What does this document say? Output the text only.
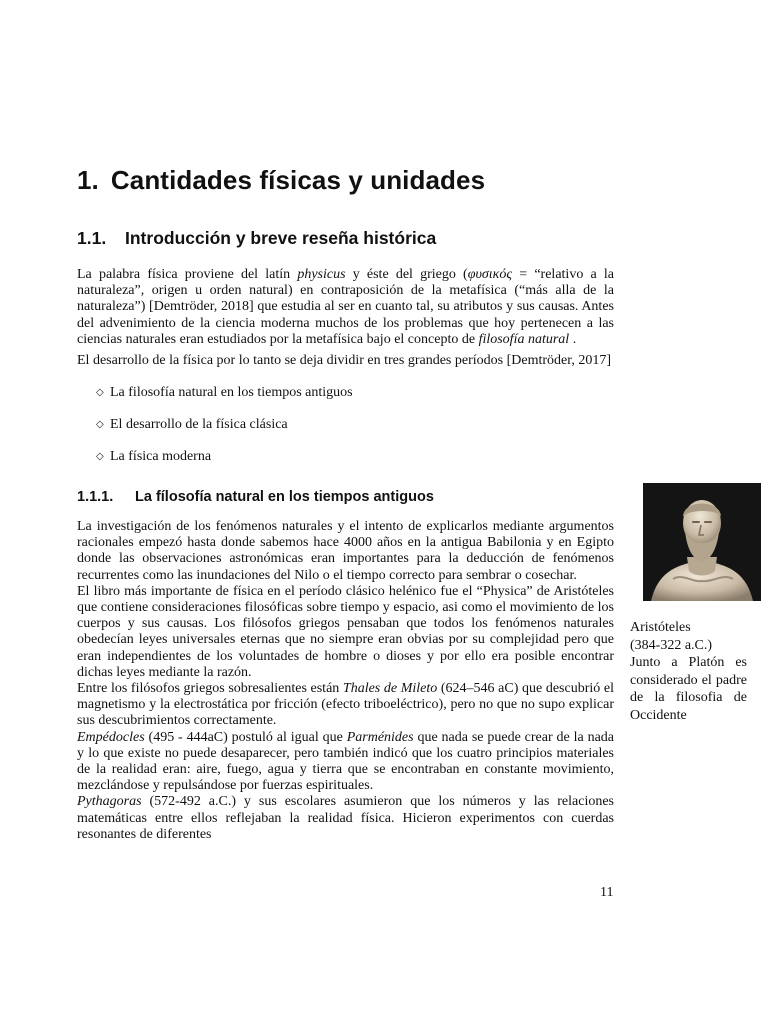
1. Cantidades físicas y unidades
1.1. Introducción y breve reseña histórica

La palabra física proviene del latín physicus y éste del griego (φυσικός = “relativo a la naturaleza”, origen u orden natural) en contraposición de la metafísica (“más alla de la naturaleza”) [Demtröder, 2018] que estudia al ser en cuanto tal, su atributos y sus causas. Antes del advenimiento de la ciencia moderna muchos de los problemas que hoy pertenecen a las ciencias naturales eran estudiados por la metafísica bajo el concepto de filosofía natural .

El desarrollo de la física por lo tanto se deja dividir en tres grandes períodos [Demtröder, 2017]

◇ La filosofía natural en los tiempos antiguos
◇ El desarrollo de la física clásica
◇ La física moderna
1.1.1. La fílosofía natural en los tiempos antiguos

La investigación de los fenómenos naturales y el intento de explicarlos mediante argumentos racionales empezó hasta donde sabemos hace 4000 años en la antigua Babilonia y en Egipto donde las observaciones astronómicas eran importantes para la deducción de fenómenos recurrentes como las inundaciones del Nilo o el tiempo correcto para sembrar o cosechar.
El libro más importante de física en el período clásico helénico fue el “Physica” de Aristóteles que contiene consideraciones filosóficas sobre tiempo y espacio, asi como el movimiento de los cuerpos y sus causas. Los filósofos griegos pensaban que todos los fenómenos naturales obedecían leyes universales eternas que no siempre eran obvias por su complejidad pero que eran independientes de los voluntades de hombre o dioses y por ello era posible encontrar dichas leyes mediante la razón.
Entre los filósofos griegos sobresalientes están Thales de Mileto (624–546 aC) que descubrió el magnetismo y la electrostática por fricción (efecto triboeléctrico), pero no que no supo explicar sus descubrimientos correctamente.
Empédocles (495 - 444aC) postuló al igual que Parménides que nada se puede crear de la nada y lo que existe no puede desaparecer, pero también indicó que los cuatro principios materiales de la realidad eran: aire, fuego, agua y tierra que se encontraban en constante movimiento, mezclándose y repulsándose por fuerzas espirituales.
Pythagoras (572-492 a.C.) y sus escolares asumieron que los números y las relaciones matemáticas entre ellos reflejaban la realidad física. Hicieron experimentos con cuerdas resonantes de diferentes

Aristóteles
(384-322 a.C.)
Junto a Platón es considerado el padre de la filosofia de Occidente

11
